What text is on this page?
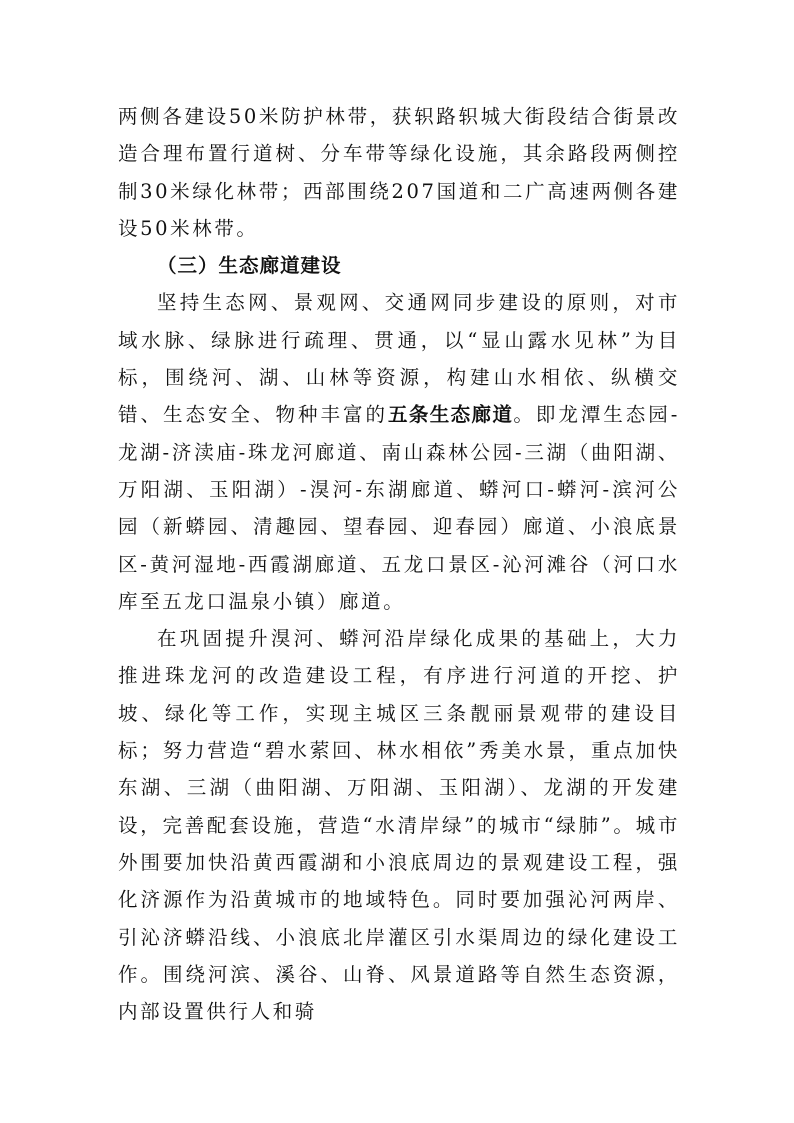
两侧各建设50米防护林带，获轵路轵城大街段结合街景改造合理布置行道树、分车带等绿化设施，其余路段两侧控制30米绿化林带；西部围绕207国道和二广高速两侧各建设50米林带。

（三）生态廊道建设

坚持生态网、景观网、交通网同步建设的原则，对市域水脉、绿脉进行疏理、贯通，以“显山露水见林”为目标，围绕河、湖、山林等资源，构建山水相依、纵横交错、生态安全、物种丰富的五条生态廊道。即龙潭生态园-龙湖-济渎庙-珠龙河廊道、南山森林公园-三湖（曲阳湖、万阳湖、玉阳湖）-湨河-东湖廊道、蟒河口-蟒河-滨河公园（新蟒园、清趣园、望春园、迎春园）廊道、小浪底景区-黄河湿地-西霞湖廊道、五龙口景区-沁河滩谷（河口水库至五龙口温泉小镇）廊道。

在巩固提升湨河、蟒河沿岸绿化成果的基础上，大力推进珠龙河的改造建设工程，有序进行河道的开挖、护坡、绿化等工作，实现主城区三条靓丽景观带的建设目标；努力营造“碧水萦回、林水相依”秀美水景，重点加快东湖、三湖（曲阳湖、万阳湖、玉阳湖）、龙湖的开发建设，完善配套设施，营造“水清岸绿”的城市“绿肺”。城市外围要加快沿黄西霞湖和小浪底周边的景观建设工程，强化济源作为沿黄城市的地域特色。同时要加强沁河两岸、引沁济蟒沿线、小浪底北岸灌区引水渠周边的绿化建设工作。围绕河滨、溪谷、山脊、风景道路等自然生态资源，内部设置供行人和骑
